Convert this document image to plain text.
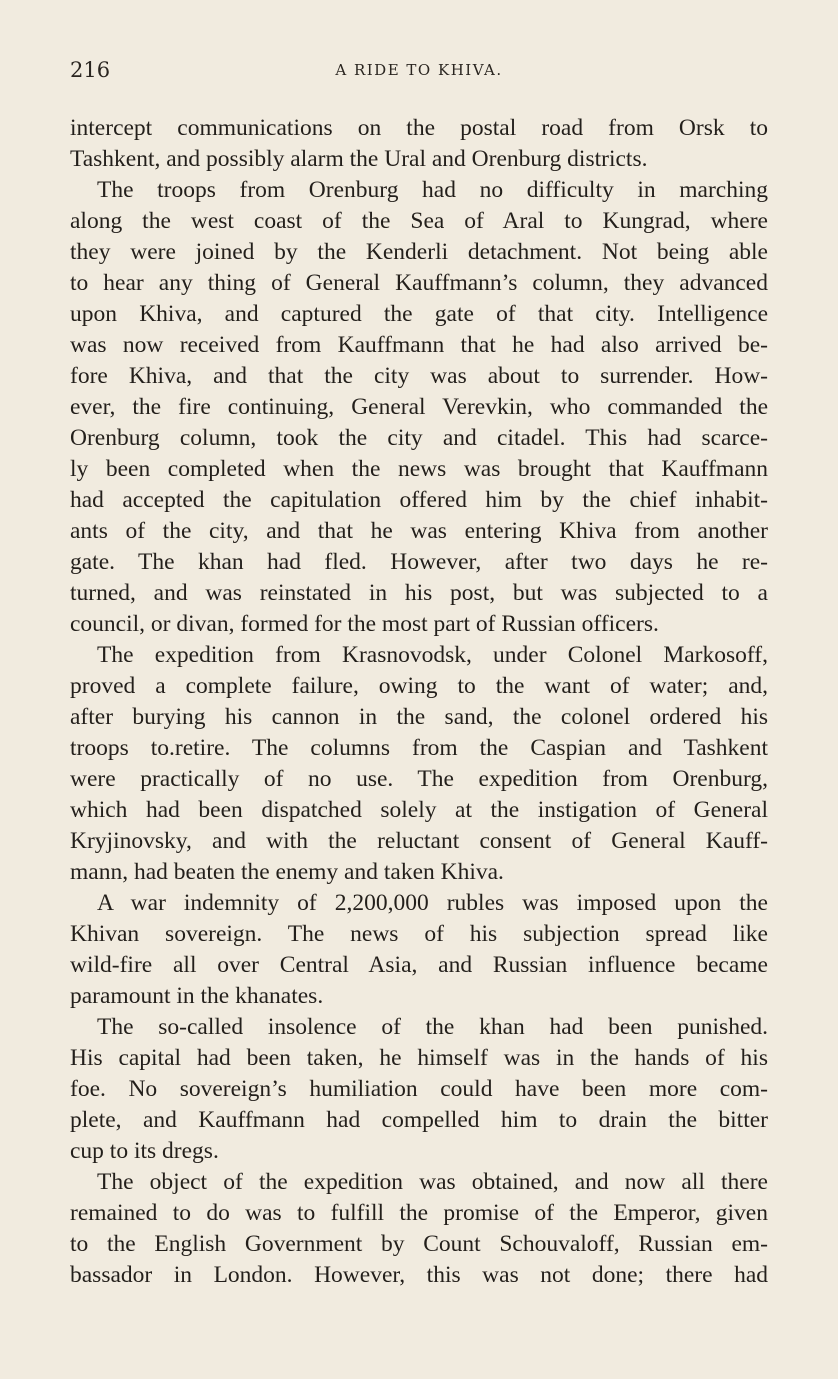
216	A RIDE TO KHIVA.
intercept communications on the postal road from Orsk to
Tashkent, and possibly alarm the Ural and Orenburg districts.
The troops from Orenburg had no difficulty in marching
along the west coast of the Sea of Aral to Kungrad, where
they were joined by the Kenderli detachment. Not being able
to hear any thing of General Kauffmann’s column, they advanced
upon Khiva, and captured the gate of that city. Intelligence
was now received from Kauffmann that he had also arrived be-
fore Khiva, and that the city was about to surrender. How-
ever, the fire continuing, General Verevkin, who commanded the
Orenburg column, took the city and citadel. This had scarce-
ly been completed when the news was brought that Kauffmann
had accepted the capitulation offered him by the chief inhabit-
ants of the city, and that he was entering Khiva from another
gate. The khan had fled. However, after two days he re-
turned, and was reinstated in his post, but was subjected to a
council, or divan, formed for the most part of Russian officers.
The expedition from Krasnovodsk, under Colonel Markosoff,
proved a complete failure, owing to the want of water; and,
after burying his cannon in the sand, the colonel ordered his
troops to.retire. The columns from the Caspian and Tashkent
were practically of no use. The expedition from Orenburg,
which had been dispatched solely at the instigation of General
Kryjinovsky, and with the reluctant consent of General Kauff-
mann, had beaten the enemy and taken Khiva.
A war indemnity of 2,200,000 rubles was imposed upon the
Khivan sovereign. The news of his subjection spread like
wild-fire all over Central Asia, and Russian influence became
paramount in the khanates.
The so-called insolence of the khan had been punished.
His capital had been taken, he himself was in the hands of his
foe. No sovereign’s humiliation could have been more com-
plete, and Kauffmann had compelled him to drain the bitter
cup to its dregs.
The object of the expedition was obtained, and now all there
remained to do was to fulfill the promise of the Emperor, given
to the English Government by Count Schouvaloff, Russian em-
bassador in London. However, this was not done; there had
